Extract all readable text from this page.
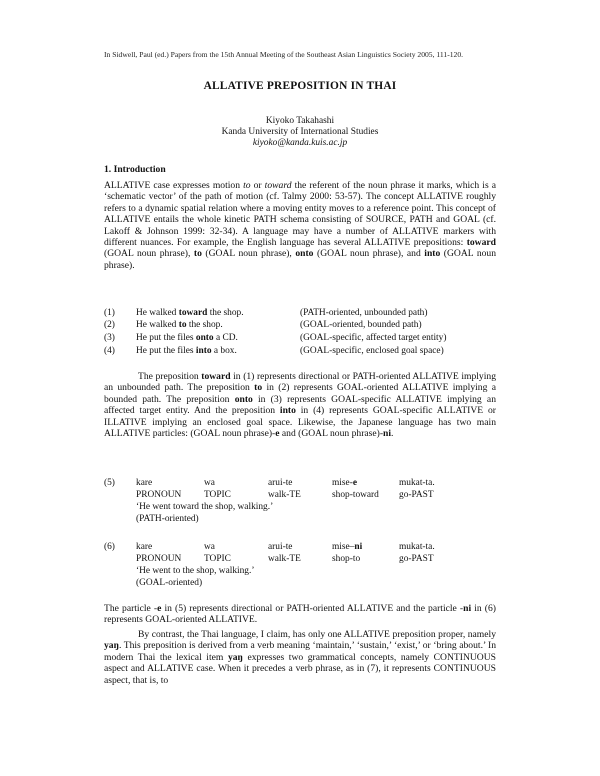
In Sidwell, Paul (ed.) Papers from the 15th Annual Meeting of the Southeast Asian Linguistics Society 2005, 111-120.
ALLATIVE PREPOSITION IN THAI
Kiyoko Takahashi
Kanda University of International Studies
kiyoko@kanda.kuis.ac.jp
1. Introduction

ALLATIVE case expresses motion to or toward the referent of the noun phrase it marks, which is a ‘schematic vector’ of the path of motion (cf. Talmy 2000: 53-57). The concept ALLATIVE roughly refers to a dynamic spatial relation where a moving entity moves to a reference point. This concept of ALLATIVE entails the whole kinetic PATH schema consisting of SOURCE, PATH and GOAL (cf. Lakoff & Johnson 1999: 32-34). A language may have a number of ALLATIVE markers with different nuances. For example, the English language has several ALLATIVE prepositions: toward (GOAL noun phrase), to (GOAL noun phrase), onto (GOAL noun phrase), and into (GOAL noun phrase).

(1) He walked toward the shop.	(PATH-oriented, unbounded path)
(2) He walked to the shop.	(GOAL-oriented, bounded path)
(3) He put the files onto a CD.	(GOAL-specific, affected target entity)
(4) He put the files into a box.	(GOAL-specific, enclosed goal space)

The preposition toward in (1) represents directional or PATH-oriented ALLATIVE implying an unbounded path. The preposition to in (2) represents GOAL-oriented ALLATIVE implying a bounded path. The preposition onto in (3) represents GOAL-specific ALLATIVE implying an affected target entity. And the preposition into in (4) represents GOAL-specific ALLATIVE or ILLATIVE implying an enclosed goal space. Likewise, the Japanese language has two main ALLATIVE particles: (GOAL noun phrase)-e and (GOAL noun phrase)-ni.

(5) kare	wa	arui-te	mise-e	mukat-ta.
PRONOUN TOPIC	walk-TE	shop-toward go-PAST
‘He went toward the shop, walking.’
(PATH-oriented)
(6) kare	wa	arui-te	mise–ni	mukat-ta.
PRONOUN TOPIC	walk-TE	shop-to	go-PAST
‘He went to the shop, walking.’
(GOAL-oriented)

The particle -e in (5) represents directional or PATH-oriented ALLATIVE and the particle -ni in (6) represents GOAL-oriented ALLATIVE.

By contrast, the Thai language, I claim, has only one ALLATIVE preposition proper, namely yaŋ. This preposition is derived from a verb meaning ‘maintain,’ ‘sustain,’ ‘exist,’ or ‘bring about.’ In modern Thai the lexical item yaŋ expresses two grammatical concepts, namely CONTINUOUS aspect and ALLATIVE case. When it precedes a verb phrase, as in (7), it represents CONTINUOUS aspect, that is, to
